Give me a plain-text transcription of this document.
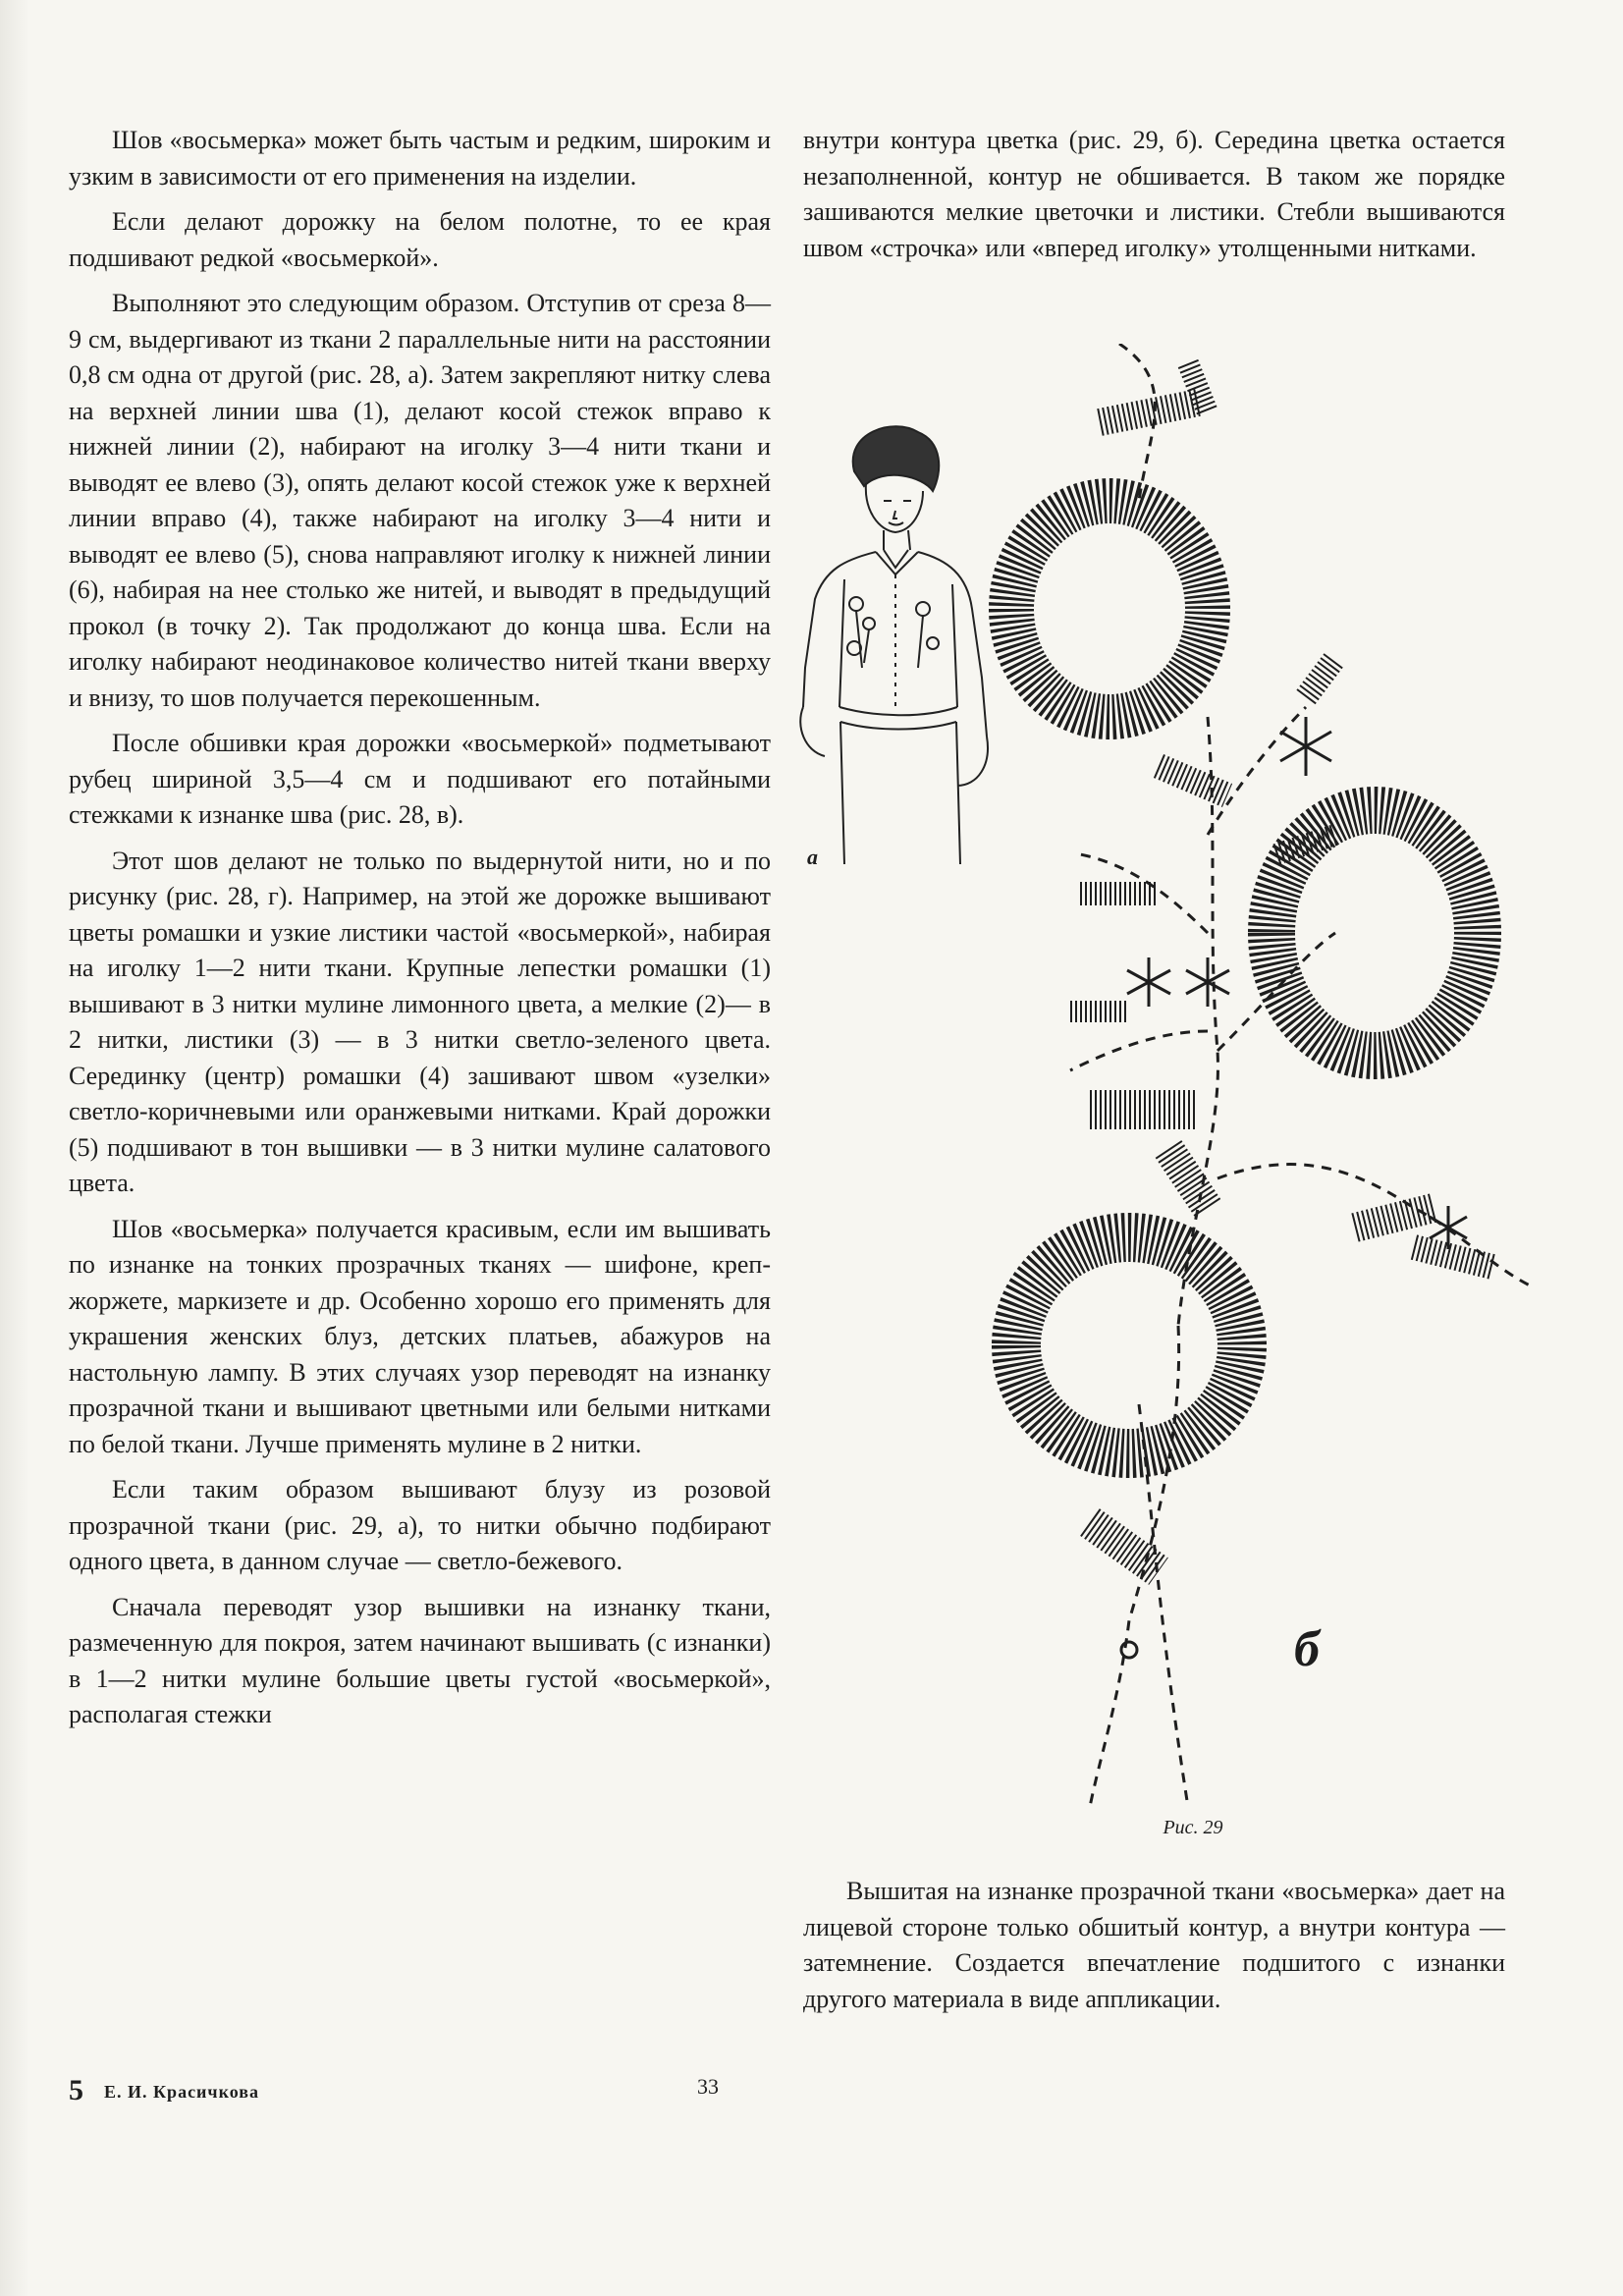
Шов «восьмерка» может быть частым и редким, широким и узким в зависимости от его применения на изделии.

Если делают дорожку на белом полотне, то ее края подшивают редкой «восьмеркой».

Выполняют это следующим образом. Отступив от среза 8—9 см, выдергивают из ткани 2 параллельные нити на расстоянии 0,8 см одна от другой (рис. 28, а). Затем закрепляют нитку слева на верхней линии шва (1), делают косой стежок вправо к нижней линии (2), набирают на иголку 3—4 нити ткани и выводят ее влево (3), опять делают косой стежок уже к верхней линии вправо (4), также набирают на иголку 3—4 нити и выводят ее влево (5), снова направляют иголку к нижней линии (6), набирая на нее столько же нитей, и выводят в предыдущий прокол (в точку 2). Так продолжают до конца шва. Если на иголку набирают неодинаковое количество нитей ткани вверху и внизу, то шов получается перекошенным.

После обшивки края дорожки «восьмеркой» подметывают рубец шириной 3,5—4 см и подшивают его потайными стежками к изнанке шва (рис. 28, в).

Этот шов делают не только по выдернутой нити, но и по рисунку (рис. 28, г). Например, на этой же дорожке вышивают цветы ромашки и узкие листики частой «восьмеркой», набирая на иголку 1—2 нити ткани. Крупные лепестки ромашки (1) вышивают в 3 нитки мулине лимонного цвета, а мелкие (2)— в 2 нитки, листики (3) — в 3 нитки светло-зеленого цвета. Серединку (центр) ромашки (4) зашивают швом «узелки» светло-коричневыми или оранжевыми нитками. Край дорожки (5) подшивают в тон вышивки — в 3 нитки мулине салатового цвета.

Шов «восьмерка» получается красивым, если им вышивать по изнанке на тонких прозрачных тканях — шифоне, креп-жоржете, маркизете и др. Особенно хорошо его применять для украшения женских блуз, детских платьев, абажуров на настольную лампу. В этих случаях узор переводят на изнанку прозрачной ткани и вышивают цветными или белыми нитками по белой ткани. Лучше применять мулине в 2 нитки.

Если таким образом вышивают блузу из розовой прозрачной ткани (рис. 29, а), то нитки обычно подбирают одного цвета, в данном случае — светло-бежевого.

Сначала переводят узор вышивки на изнанку ткани, размеченную для покроя, затем начинают вышивать (с изнанки) в 1—2 нитки мулине большие цветы густой «восьмеркой», располагая стежки

внутри контура цветка (рис. 29, б). Середина цветка остается незаполненной, контур не обшивается. В таком же порядке зашиваются мелкие цветочки и листики. Стебли вышиваются швом «строчка» или «вперед иголку» утолщенными нитками.

а
б
Рис. 29

Вышитая на изнанке прозрачной ткани «восьмерка» дает на лицевой стороне только обшитый контур, а внутри контура — затемнение. Создается впечатление подшитого с изнанки другого материала в виде аппликации.

5 Е. И. Красичкова	33
